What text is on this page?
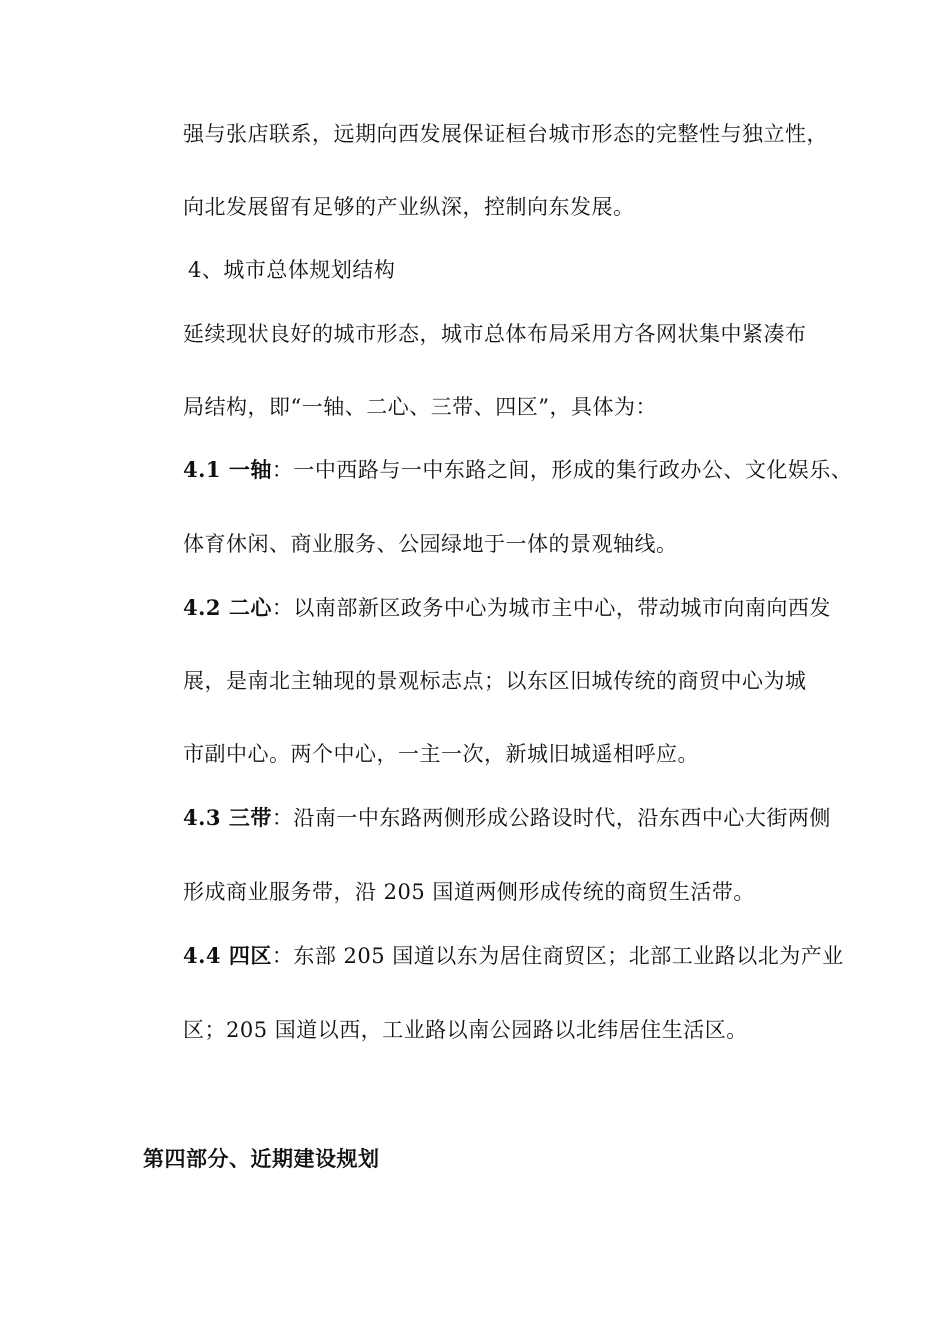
强与张店联系，远期向西发展保证桓台城市形态的完整性与独立性，
向北发展留有足够的产业纵深，控制向东发展。
4、城市总体规划结构
延续现状良好的城市形态，城市总体布局采用方各网状集中紧凑布
局结构，即“一轴、二心、三带、四区”，具体为：
4.1 一轴：一中西路与一中东路之间，形成的集行政办公、文化娱乐、
体育休闲、商业服务、公园绿地于一体的景观轴线。
4.2 二心：以南部新区政务中心为城市主中心，带动城市向南向西发
展，是南北主轴现的景观标志点；以东区旧城传统的商贸中心为城
市副中心。两个中心，一主一次，新城旧城遥相呼应。
4.3 三带：沿南一中东路两侧形成公路设时代，沿东西中心大街两侧
形成商业服务带，沿 205 国道两侧形成传统的商贸生活带。
4.4 四区：东部 205 国道以东为居住商贸区；北部工业路以北为产业
区；205 国道以西，工业路以南公园路以北纬居住生活区。
第四部分、近期建设规划
